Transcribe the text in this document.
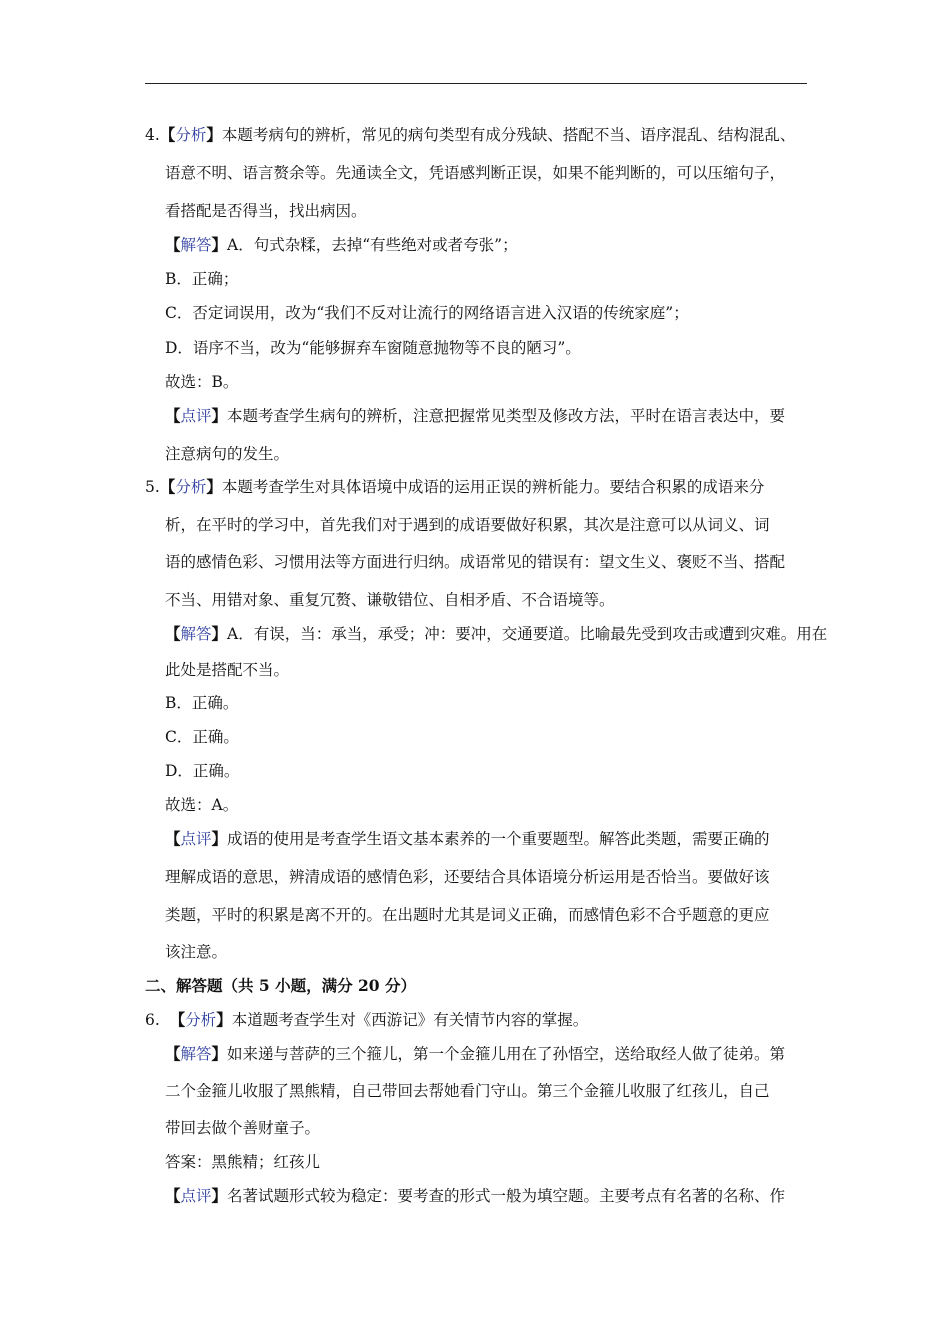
4.【分析】本题考病句的辨析，常见的病句类型有成分残缺、搭配不当、语序混乱、结构混乱、
语意不明、语言赘余等。先通读全文，凭语感判断正误，如果不能判断的，可以压缩句子，
看搭配是否得当，找出病因。
【解答】A．句式杂糅，去掉“有些绝对或者夸张”；
B．正确；
C．否定词误用，改为“我们不反对让流行的网络语言进入汉语的传统家庭”；
D．语序不当，改为“能够摒弃车窗随意抛物等不良的陋习”。
故选：B。
【点评】本题考查学生病句的辨析，注意把握常见类型及修改方法，平时在语言表达中，要
注意病句的发生。
5.【分析】本题考查学生对具体语境中成语的运用正误的辨析能力。要结合积累的成语来分
析，在平时的学习中，首先我们对于遇到的成语要做好积累，其次是注意可以从词义、词
语的感情色彩、习惯用法等方面进行归纳。成语常见的错误有：望文生义、褒贬不当、搭配
不当、用错对象、重复冗赘、谦敬错位、自相矛盾、不合语境等。
【解答】A．有误，当：承当，承受；冲：要冲，交通要道。比喻最先受到攻击或遭到灾难。用在
此处是搭配不当。
B．正确。
C．正确。
D．正确。
故选：A。
【点评】成语的使用是考查学生语文基本素养的一个重要题型。解答此类题，需要正确的
理解成语的意思，辨清成语的感情色彩，还要结合具体语境分析运用是否恰当。要做好该
类题，平时的积累是离不开的。在出题时尤其是词义正确，而感情色彩不合乎题意的更应
该注意。
二、解答题（共 5 小题，满分 20 分）
6. 【分析】本道题考查学生对《西游记》有关情节内容的掌握。
【解答】如来递与菩萨的三个箍儿，第一个金箍儿用在了孙悟空，送给取经人做了徒弟。第
二个金箍儿收服了黑熊精，自己带回去帮她看门守山。第三个金箍儿收服了红孩儿，自己
带回去做个善财童子。
答案：黑熊精；红孩儿
【点评】名著试题形式较为稳定：要考查的形式一般为填空题。主要考点有名著的名称、作
